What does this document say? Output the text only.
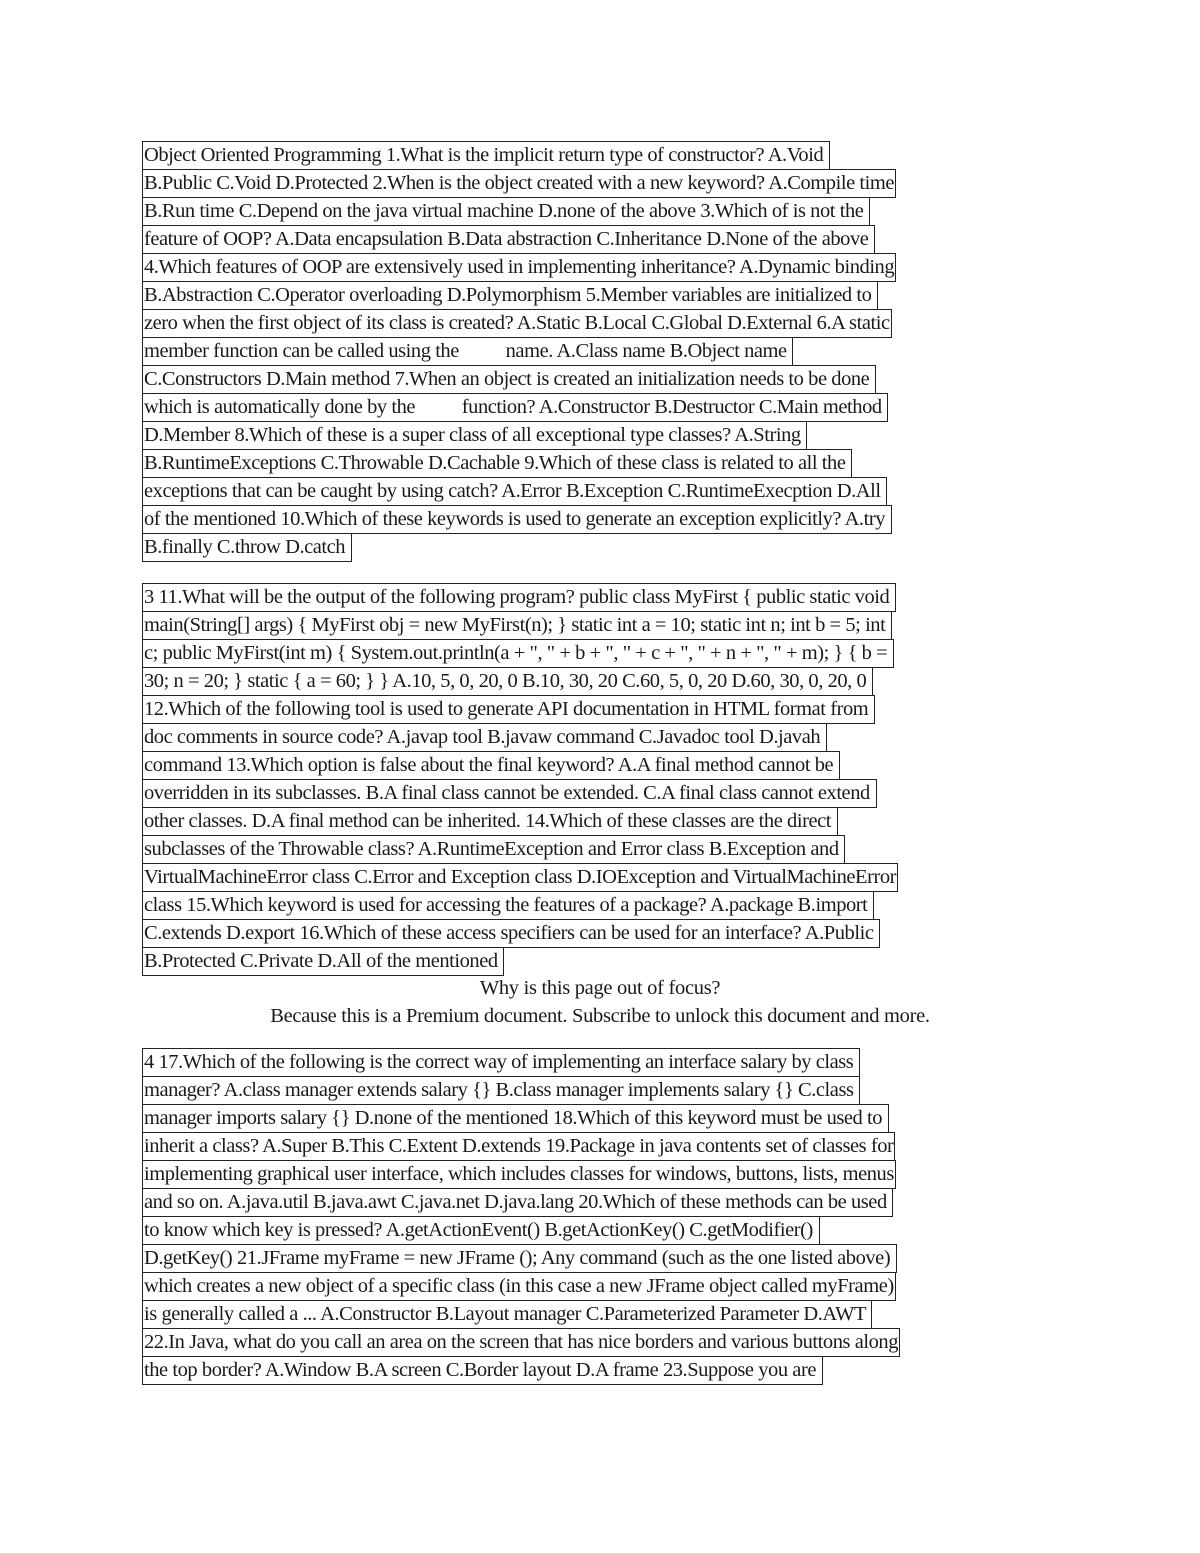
Object Oriented Programming 1.What is the implicit return type of constructor? A.Void
B.Public C.Void D.Protected 2.When is the object created with a new keyword? A.Compile time
B.Run time C.Depend on the java virtual machine D.none of the above 3.Which of is not the
feature of OOP? A.Data encapsulation B.Data abstraction C.Inheritance D.None of the above
4.Which features of OOP are extensively used in implementing inheritance? A.Dynamic binding
B.Abstraction C.Operator overloading D.Polymorphism 5.Member variables are initialized to
zero when the first object of its class is created? A.Static B.Local C.Global D.External 6.A static
member function can be called using the          name. A.Class name B.Object name
C.Constructors D.Main method 7.When an object is created an initialization needs to be done
which is automatically done by the          function? A.Constructor B.Destructor C.Main method
D.Member 8.Which of these is a super class of all exceptional type classes? A.String
B.RuntimeExceptions C.Throwable D.Cachable 9.Which of these class is related to all the
exceptions that can be caught by using catch? A.Error B.Exception C.RuntimeExecption D.All
of the mentioned 10.Which of these keywords is used to generate an exception explicitly? A.try
B.finally C.throw D.catch
3 11.What will be the output of the following program? public class MyFirst { public static void
main(String[] args) { MyFirst obj = new MyFirst(n); } static int a = 10; static int n; int b = 5; int
c; public MyFirst(int m) { System.out.println(a + ", " + b + ", " + c + ", " + n + ", " + m); } { b =
30; n = 20; } static { a = 60; } } A.10, 5, 0, 20, 0 B.10, 30, 20 C.60, 5, 0, 20 D.60, 30, 0, 20, 0
12.Which of the following tool is used to generate API documentation in HTML format from
doc comments in source code? A.javap tool B.javaw command C.Javadoc tool D.javah
command 13.Which option is false about the final keyword? A.A final method cannot be
overridden in its subclasses. B.A final class cannot be extended. C.A final class cannot extend
other classes. D.A final method can be inherited. 14.Which of these classes are the direct
subclasses of the Throwable class? A.RuntimeException and Error class B.Exception and
VirtualMachineError class C.Error and Exception class D.IOException and VirtualMachineError
class 15.Which keyword is used for accessing the features of a package? A.package B.import
C.extends D.export 16.Which of these access specifiers can be used for an interface? A.Public
B.Protected C.Private D.All of the mentioned
Why is this page out of focus?
Because this is a Premium document. Subscribe to unlock this document and more.
4 17.Which of the following is the correct way of implementing an interface salary by class
manager? A.class manager extends salary {} B.class manager implements salary {} C.class
manager imports salary {} D.none of the mentioned 18.Which of this keyword must be used to
inherit a class? A.Super B.This C.Extent D.extends 19.Package in java contents set of classes for
implementing graphical user interface, which includes classes for windows, buttons, lists, menus
and so on. A.java.util B.java.awt C.java.net D.java.lang 20.Which of these methods can be used
to know which key is pressed? A.getActionEvent() B.getActionKey() C.getModifier()
D.getKey() 21.JFrame myFrame = new JFrame (); Any command (such as the one listed above)
which creates a new object of a specific class (in this case a new JFrame object called myFrame)
is generally called a ... A.Constructor B.Layout manager C.Parameterized Parameter D.AWT
22.In Java, what do you call an area on the screen that has nice borders and various buttons along
the top border? A.Window B.A screen C.Border layout D.A frame 23.Suppose you are
